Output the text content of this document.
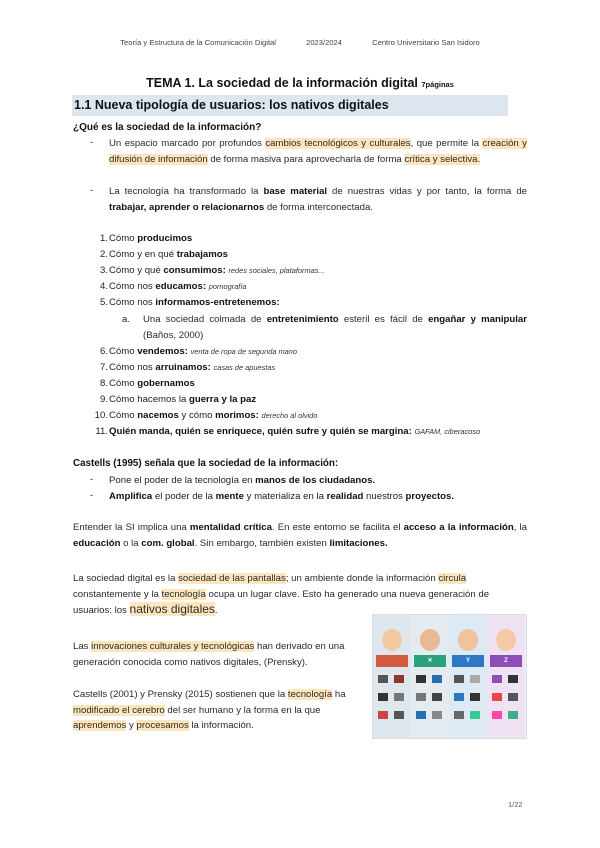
Teoría y Estructura de la Comunicación Digital	2023/2024	Centro Universitario San Isidoro
TEMA 1. La sociedad de la información digital 7páginas
1.1 Nueva tipología de usuarios: los nativos digitales
¿Qué es la sociedad de la información?
- Un espacio marcado por profundos cambios tecnológicos y culturales, que permite la creación y difusión de información de forma masiva para aprovecharla de forma crítica y selectiva.
- La tecnología ha transformado la base material de nuestras vidas y por tanto, la forma de trabajar, aprender o relacionarnos de forma interconectada.
1. Cómo producimos
2. Cómo y en qué trabajamos
3. Cómo y qué consumimos: redes sociales, plataformas...
4. Cómo nos educamos: pornografía
5. Cómo nos informamos-entretenemos:
a. Una sociedad colmada de entretenimiento esteril es fácil de engañar y manipular (Baños, 2000)
6. Cómo vendemos: venta de ropa de segunda mano
7. Cómo nos arruinamos: casas de apuestas
8. Cómo gobernamos
9. Cómo hacemos la guerra y la paz
10. Cómo nacemos y cómo morimos: derecho al olvido
11. Quién manda, quién se enriquece, quién sufre y quién se margina: GAFAM, ciberacoso
Castells (1995) señala que la sociedad de la información:
- Pone el poder de la tecnología en manos de los ciudadanos.
- Amplifica el poder de la mente y materializa en la realidad nuestros proyectos.
Entender la SI implica una mentalidad crítica. En este entorno se facilita el acceso a la información, la educación o la com. global. Sin embargo, también existen limitaciones.
La sociedad digital es la sociedad de las pantallas; un ambiente donde la información circula constantemente y la tecnología ocupa un lugar clave. Esto ha generado una nueva generación de usuarios: los nativos digitales.
Las innovaciones culturales y tecnológicas han derivado en una generación conocida como nativos digitales, (Prensky).
Castells (2001) y Prensky (2015) sostienen que la tecnología ha modificado el cerebro del ser humano y la forma en la que aprendemos y procesamos la información.
✕	Y	Z
1/22
